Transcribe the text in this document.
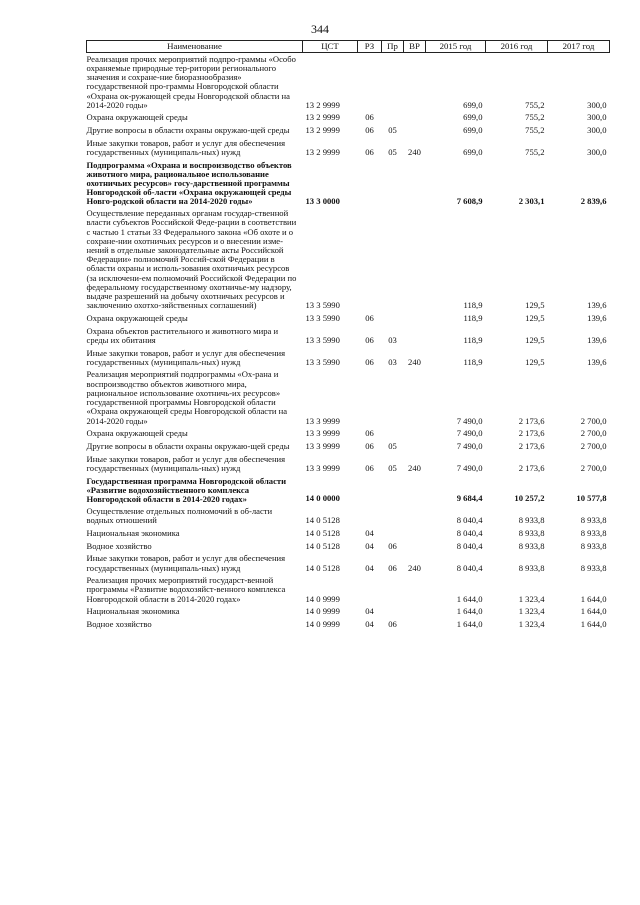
344
Наименование	ЦСТ	РЗ	Пр	ВР	2015 год	2016 год	2017 год
Реализация прочих мероприятий подпро-граммы «Особо охраняемые природные тер-ритории регионального значения и сохране-ние биоразнообразия» государственной про-граммы Новгородской области «Охрана ок-ружающей среды Новгородской области на 2014-2020 годы»	13 2 9999				699,0	755,2	300,0
Охрана окружающей среды	13 2 9999	06			699,0	755,2	300,0
Другие вопросы в области охраны окружаю-щей среды	13 2 9999	06	05		699,0	755,2	300,0
Иные закупки товаров, работ и услуг для обеспечения государственных (муниципаль-ных) нужд	13 2 9999	06	05	240	699,0	755,2	300,0
Подпрограмма «Охрана и воспроизводство объектов животного мира, рациональное использование охотничьих ресурсов» госу-дарственной программы Новгородской об-ласти «Охрана окружающей среды Новго-родской области на 2014-2020 годы»	13 3 0000				7 608,9	2 303,1	2 839,6
Осуществление переданных органам государ-ственной власти субъектов Российской Феде-рации в соответствии с частью 1 статьи 33 Федерального закона «Об охоте и о сохране-нии охотничьих ресурсов и о внесении изме-нений в отдельные законодательные акты Российской Федерации» полномочий Россий-ской Федерации в области охраны и исполь-зования охотничьих ресурсов (за исключени-ем полномочий Российской Федерации по федеральному государственному охотничье-му надзору, выдаче разрешений на добычу охотничьих ресурсов и заключению охотхо-зяйственных соглашений)	13 3 5990				118,9	129,5	139,6
Охрана окружающей среды	13 3 5990	06			118,9	129,5	139,6
Охрана объектов растительного и животного мира и среды их обитания	13 3 5990	06	03		118,9	129,5	139,6
Иные закупки товаров, работ и услуг для обеспечения государственных (муниципаль-ных) нужд	13 3 5990	06	03	240	118,9	129,5	139,6
Реализация мероприятий подпрограммы «Ох-рана и воспроизводство объектов животного мира, рациональное использование охотничь-их ресурсов» государственной программы Новгородской области «Охрана окружающей среды Новгородской области на 2014-2020 годы»	13 3 9999				7 490,0	2 173,6	2 700,0
Охрана окружающей среды	13 3 9999	06			7 490,0	2 173,6	2 700,0
Другие вопросы в области охраны окружаю-щей среды	13 3 9999	06	05		7 490,0	2 173,6	2 700,0
Иные закупки товаров, работ и услуг для обеспечения государственных (муниципаль-ных) нужд	13 3 9999	06	05	240	7 490,0	2 173,6	2 700,0
Государственная программа Новгородской области «Развитие водохозяйственного комплекса Новгородской области в 2014-2020 годах»	14 0 0000				9 684,4	10 257,2	10 577,8
Осуществление отдельных полномочий в об-ласти водных отношений	14 0 5128				8 040,4	8 933,8	8 933,8
Национальная экономика	14 0 5128	04			8 040,4	8 933,8	8 933,8
Водное хозяйство	14 0 5128	04	06		8 040,4	8 933,8	8 933,8
Иные закупки товаров, работ и услуг для обеспечения государственных (муниципаль-ных) нужд	14 0 5128	04	06	240	8 040,4	8 933,8	8 933,8
Реализация прочих мероприятий государст-венной программы «Развитие водохозяйст-венного комплекса Новгородской области в 2014-2020 годах»	14 0 9999				1 644,0	1 323,4	1 644,0
Национальная экономика	14 0 9999	04			1 644,0	1 323,4	1 644,0
Водное хозяйство	14 0 9999	04	06		1 644,0	1 323,4	1 644,0
